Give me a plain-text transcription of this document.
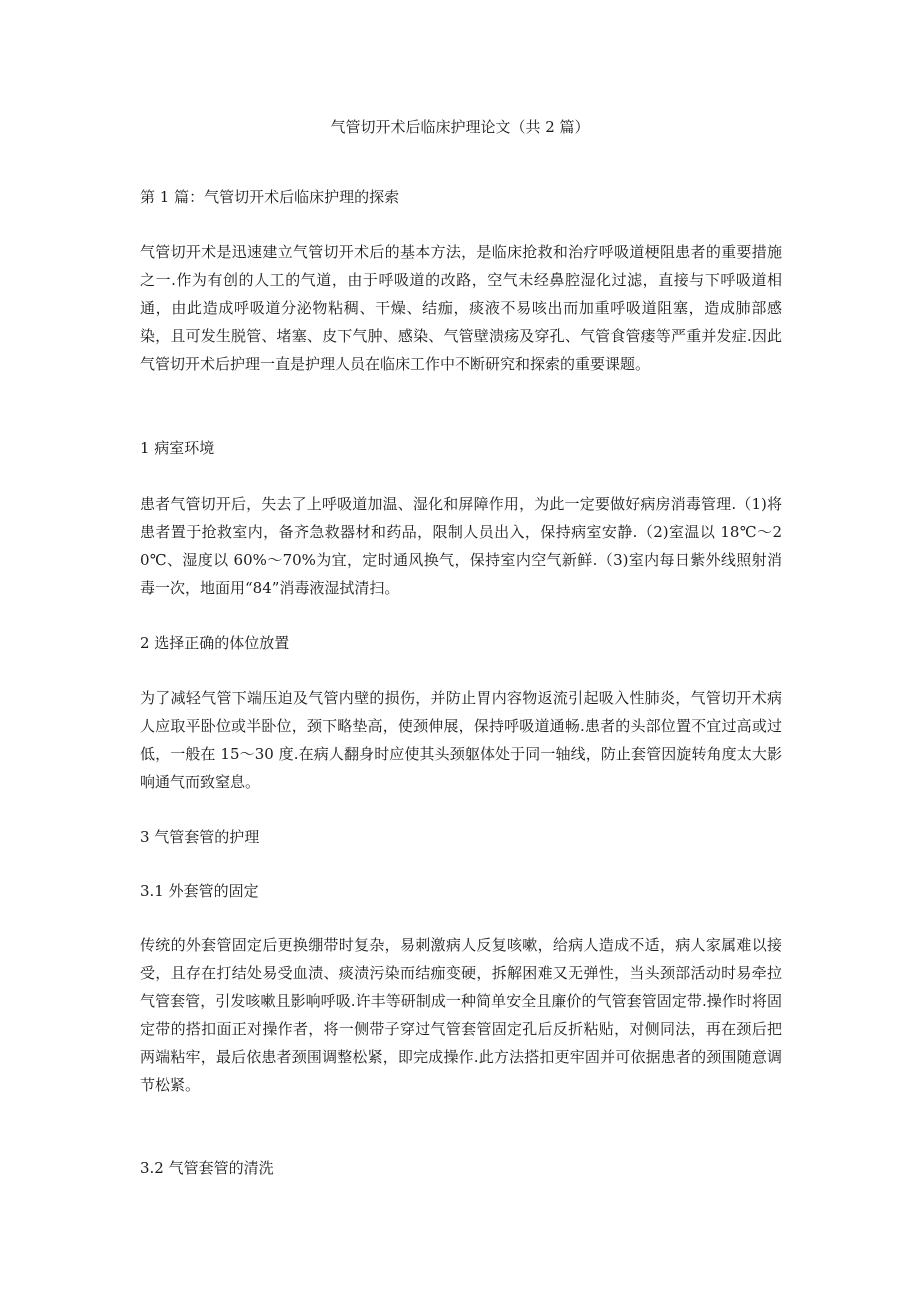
气管切开术后临床护理论文（共 2 篇）

第 1 篇：气管切开术后临床护理的探索

气管切开术是迅速建立气管切开术后的基本方法，是临床抢救和治疗呼吸道梗阻患者的重要措施之一.作为有创的人工的气道，由于呼吸道的改路，空气未经鼻腔湿化过滤，直接与下呼吸道相通，由此造成呼吸道分泌物粘稠、干燥、结痂，痰液不易咳出而加重呼吸道阻塞，造成肺部感染，且可发生脱管、堵塞、皮下气肿、感染、气管壁溃疡及穿孔、气管食管瘘等严重并发症.因此气管切开术后护理一直是护理人员在临床工作中不断研究和探索的重要课题。

1 病室环境

患者气管切开后，失去了上呼吸道加温、湿化和屏障作用，为此一定要做好病房消毒管理.（1)将患者置于抢救室内，备齐急救器材和药品，限制人员出入，保持病室安静.（2)室温以 18℃～20℃、湿度以 60%～70%为宜，定时通风换气，保持室内空气新鲜.（3)室内每日紫外线照射消毒一次，地面用“84”消毒液湿拭清扫。

2 选择正确的体位放置

为了减轻气管下端压迫及气管内壁的损伤，并防止胃内容物返流引起吸入性肺炎，气管切开术病人应取平卧位或半卧位，颈下略垫高，使颈伸展，保持呼吸道通畅.患者的头部位置不宜过高或过低，一般在 15～30 度.在病人翻身时应使其头颈躯体处于同一轴线，防止套管因旋转角度太大影响通气而致窒息。

3 气管套管的护理

3.1 外套管的固定

传统的外套管固定后更换绷带时复杂，易刺激病人反复咳嗽，给病人造成不适，病人家属难以接受，且存在打结处易受血渍、痰渍污染而结痂变硬，拆解困难又无弹性，当头颈部活动时易牵拉气管套管，引发咳嗽且影响呼吸.许丰等研制成一种简单安全且廉价的气管套管固定带.操作时将固定带的搭扣面正对操作者，将一侧带子穿过气管套管固定孔后反折粘贴，对侧同法，再在颈后把两端粘牢，最后依患者颈围调整松紧，即完成操作.此方法搭扣更牢固并可依据患者的颈围随意调节松紧。

3.2 气管套管的清洗
